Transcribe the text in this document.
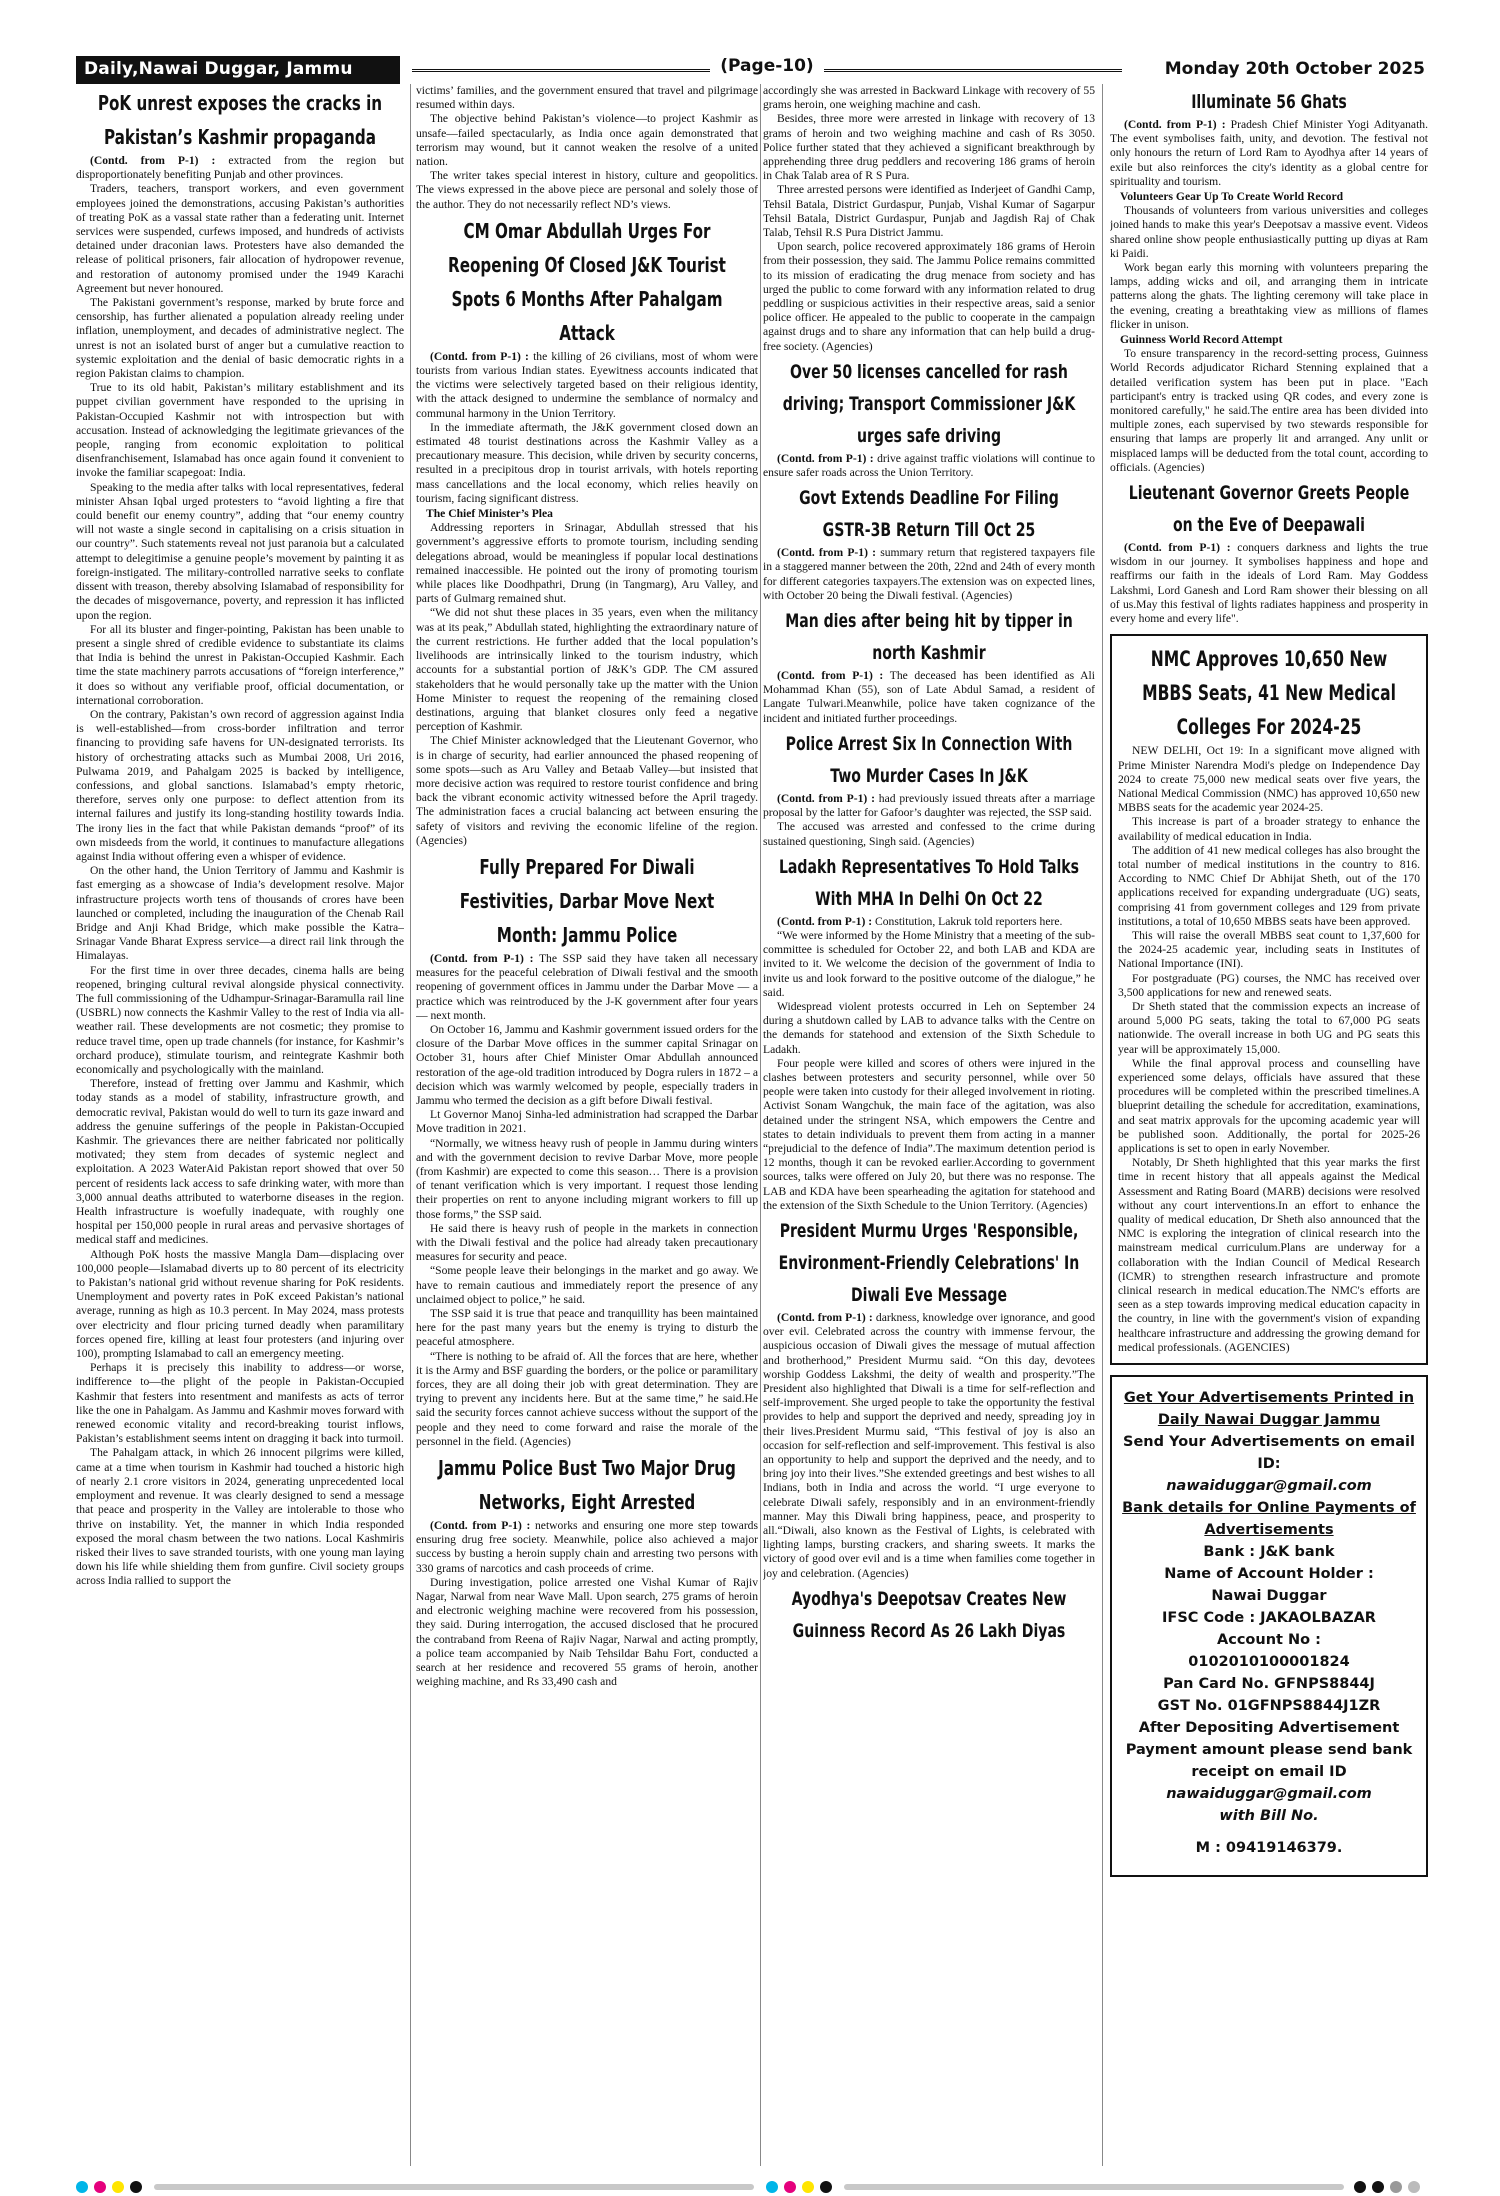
Daily,Nawai Duggar, Jammu	(Page-10)	Monday 20th October 2025
PoK unrest exposes the cracks in Pakistan’s Kashmir propaganda

(Contd. from P-1) : extracted from the region but disproportionately benefiting Punjab and other provinces.

Traders, teachers, transport workers, and even government employees joined the demonstrations, accusing Pakistan’s authorities of treating PoK as a vassal state rather than a federating unit. Internet services were suspended, curfews imposed, and hundreds of activists detained under draconian laws. Protesters have also demanded the release of political prisoners, fair allocation of hydropower revenue, and restoration of autonomy promised under the 1949 Karachi Agreement but never honoured.

The Pakistani government’s response, marked by brute force and censorship, has further alienated a population already reeling under inflation, unemployment, and decades of administrative neglect. The unrest is not an isolated burst of anger but a cumulative reaction to systemic exploitation and the denial of basic democratic rights in a region Pakistan claims to champion.

True to its old habit, Pakistan’s military establishment and its puppet civilian government have responded to the uprising in Pakistan-Occupied Kashmir not with introspection but with accusation. Instead of acknowledging the legitimate grievances of the people, ranging from economic exploitation to political disenfranchisement, Islamabad has once again found it convenient to invoke the familiar scapegoat: India.

Speaking to the media after talks with local representatives, federal minister Ahsan Iqbal urged protesters to “avoid lighting a fire that could benefit our enemy country”, adding that “our enemy country will not waste a single second in capitalising on a crisis situation in our country”. Such statements reveal not just paranoia but a calculated attempt to delegitimise a genuine people’s movement by painting it as foreign-instigated. The military-controlled narrative seeks to conflate dissent with treason, thereby absolving Islamabad of responsibility for the decades of misgovernance, poverty, and repression it has inflicted upon the region.

For all its bluster and finger-pointing, Pakistan has been unable to present a single shred of credible evidence to substantiate its claims that India is behind the unrest in Pakistan-Occupied Kashmir. Each time the state machinery parrots accusations of “foreign interference,” it does so without any verifiable proof, official documentation, or international corroboration.

On the contrary, Pakistan’s own record of aggression against India is well-established—from cross-border infiltration and terror financing to providing safe havens for UN-designated terrorists. Its history of orchestrating attacks such as Mumbai 2008, Uri 2016, Pulwama 2019, and Pahalgam 2025 is backed by intelligence, confessions, and global sanctions. Islamabad’s empty rhetoric, therefore, serves only one purpose: to deflect attention from its internal failures and justify its long-standing hostility towards India. The irony lies in the fact that while Pakistan demands “proof” of its own misdeeds from the world, it continues to manufacture allegations against India without offering even a whisper of evidence.

On the other hand, the Union Territory of Jammu and Kashmir is fast emerging as a showcase of India’s development resolve. Major infrastructure projects worth tens of thousands of crores have been launched or completed, including the inauguration of the Chenab Rail Bridge and Anji Khad Bridge, which make possible the Katra–Srinagar Vande Bharat Express service—a direct rail link through the Himalayas.

For the first time in over three decades, cinema halls are being reopened, bringing cultural revival alongside physical connectivity. The full commissioning of the Udhampur-Srinagar-Baramulla rail line (USBRL) now connects the Kashmir Valley to the rest of India via all-weather rail. These developments are not cosmetic; they promise to reduce travel time, open up trade channels (for instance, for Kashmir’s orchard produce), stimulate tourism, and reintegrate Kashmir both economically and psychologically with the mainland.

Therefore, instead of fretting over Jammu and Kashmir, which today stands as a model of stability, infrastructure growth, and democratic revival, Pakistan would do well to turn its gaze inward and address the genuine sufferings of the people in Pakistan-Occupied Kashmir. The grievances there are neither fabricated nor politically motivated; they stem from decades of systemic neglect and exploitation. A 2023 WaterAid Pakistan report showed that over 50 percent of residents lack access to safe drinking water, with more than 3,000 annual deaths attributed to waterborne diseases in the region. Health infrastructure is woefully inadequate, with roughly one hospital per 150,000 people in rural areas and pervasive shortages of medical staff and medicines.

Although PoK hosts the massive Mangla Dam—displacing over 100,000 people—Islamabad diverts up to 80 percent of its electricity to Pakistan’s national grid without revenue sharing for PoK residents. Unemployment and poverty rates in PoK exceed Pakistan’s national average, running as high as 10.3 percent. In May 2024, mass protests over electricity and flour pricing turned deadly when paramilitary forces opened fire, killing at least four protesters (and injuring over 100), prompting Islamabad to call an emergency meeting.

Perhaps it is precisely this inability to address—or worse, indifference to—the plight of the people in Pakistan-Occupied Kashmir that festers into resentment and manifests as acts of terror like the one in Pahalgam. As Jammu and Kashmir moves forward with renewed economic vitality and record-breaking tourist inflows, Pakistan’s establishment seems intent on dragging it back into turmoil.

The Pahalgam attack, in which 26 innocent pilgrims were killed, came at a time when tourism in Kashmir had touched a historic high of nearly 2.1 crore visitors in 2024, generating unprecedented local employment and revenue. It was clearly designed to send a message that peace and prosperity in the Valley are intolerable to those who thrive on instability. Yet, the manner in which India responded exposed the moral chasm between the two nations. Local Kashmiris risked their lives to save stranded tourists, with one young man laying down his life while shielding them from gunfire. Civil society groups across India rallied to support the

victims’ families, and the government ensured that travel and pilgrimage resumed within days.

The objective behind Pakistan’s violence—to project Kashmir as unsafe—failed spectacularly, as India once again demonstrated that terrorism may wound, but it cannot weaken the resolve of a united nation.

The writer takes special interest in history, culture and geopolitics. The views expressed in the above piece are personal and solely those of the author. They do not necessarily reflect ND’s views.

CM Omar Abdullah Urges For Reopening Of Closed J&K Tourist Spots 6 Months After Pahalgam Attack

(Contd. from P-1) : the killing of 26 civilians, most of whom were tourists from various Indian states. Eyewitness accounts indicated that the victims were selectively targeted based on their religious identity, with the attack designed to undermine the semblance of normalcy and communal harmony in the Union Territory.

In the immediate aftermath, the J&K government closed down an estimated 48 tourist destinations across the Kashmir Valley as a precautionary measure. This decision, while driven by security concerns, resulted in a precipitous drop in tourist arrivals, with hotels reporting mass cancellations and the local economy, which relies heavily on tourism, facing significant distress.

The Chief Minister’s Plea

Addressing reporters in Srinagar, Abdullah stressed that his government’s aggressive efforts to promote tourism, including sending delegations abroad, would be meaningless if popular local destinations remained inaccessible. He pointed out the irony of promoting tourism while places like Doodhpathri, Drung (in Tangmarg), Aru Valley, and parts of Gulmarg remained shut.

“We did not shut these places in 35 years, even when the militancy was at its peak,” Abdullah stated, highlighting the extraordinary nature of the current restrictions. He further added that the local population’s livelihoods are intrinsically linked to the tourism industry, which accounts for a substantial portion of J&K’s GDP. The CM assured stakeholders that he would personally take up the matter with the Union Home Minister to request the reopening of the remaining closed destinations, arguing that blanket closures only feed a negative perception of Kashmir.

The Chief Minister acknowledged that the Lieutenant Governor, who is in charge of security, had earlier announced the phased reopening of some spots—such as Aru Valley and Betaab Valley—but insisted that more decisive action was required to restore tourist confidence and bring back the vibrant economic activity witnessed before the April tragedy. The administration faces a crucial balancing act between ensuring the safety of visitors and reviving the economic lifeline of the region. (Agencies)

Fully Prepared For Diwali Festivities, Darbar Move Next Month: Jammu Police

(Contd. from P-1) : The SSP said they have taken all necessary measures for the peaceful celebration of Diwali festival and the smooth reopening of government offices in Jammu under the Darbar Move — a practice which was reintroduced by the J-K government after four years — next month.

On October 16, Jammu and Kashmir government issued orders for the closure of the Darbar Move offices in the summer capital Srinagar on October 31, hours after Chief Minister Omar Abdullah announced restoration of the age-old tradition introduced by Dogra rulers in 1872 – a decision which was warmly welcomed by people, especially traders in Jammu who termed the decision as a gift before Diwali festival.

Lt Governor Manoj Sinha-led administration had scrapped the Darbar Move tradition in 2021.

“Normally, we witness heavy rush of people in Jammu during winters and with the government decision to revive Darbar Move, more people (from Kashmir) are expected to come this season… There is a provision of tenant verification which is very important. I request those lending their properties on rent to anyone including migrant workers to fill up those forms,” the SSP said.

He said there is heavy rush of people in the markets in connection with the Diwali festival and the police had already taken precautionary measures for security and peace.

“Some people leave their belongings in the market and go away. We have to remain cautious and immediately report the presence of any unclaimed object to police,” he said.

The SSP said it is true that peace and tranquillity has been maintained here for the past many years but the enemy is trying to disturb the peaceful atmosphere.

“There is nothing to be afraid of. All the forces that are here, whether it is the Army and BSF guarding the borders, or the police or paramilitary forces, they are all doing their job with great determination. They are trying to prevent any incidents here. But at the same time,” he said.He said the security forces cannot achieve success without the support of the people and they need to come forward and raise the morale of the personnel in the field. (Agencies)

Jammu Police Bust Two Major Drug Networks, Eight Arrested

(Contd. from P-1) : networks and ensuring one more step towards ensuring drug free society. Meanwhile, police also achieved a major success by busting a heroin supply chain and arresting two persons with 330 grams of narcotics and cash proceeds of crime.

During investigation, police arrested one Vishal Kumar of Rajiv Nagar, Narwal from near Wave Mall. Upon search, 275 grams of heroin and electronic weighing machine were recovered from his possession, they said. During interrogation, the accused disclosed that he procured the contraband from Reena of Rajiv Nagar, Narwal and acting promptly, a police team accompanied by Naib Tehsildar Bahu Fort, conducted a search at her residence and recovered 55 grams of heroin, another weighing machine, and Rs 33,490 cash and

accordingly she was arrested in Backward Linkage with recovery of 55 grams heroin, one weighing machine and cash.

Besides, three more were arrested in linkage with recovery of 13 grams of heroin and two weighing machine and cash of Rs 3050. Police further stated that they achieved a significant breakthrough by apprehending three drug peddlers and recovering 186 grams of heroin in Chak Talab area of R S Pura.

Three arrested persons were identified as Inderjeet of Gandhi Camp, Tehsil Batala, District Gurdaspur, Punjab, Vishal Kumar of Sagarpur Tehsil Batala, District Gurdaspur, Punjab and Jagdish Raj of Chak Talab, Tehsil R.S Pura District Jammu.

Upon search, police recovered approximately 186 grams of Heroin from their possession, they said. The Jammu Police remains committed to its mission of eradicating the drug menace from society and has urged the public to come forward with any information related to drug peddling or suspicious activities in their respective areas, said a senior police officer. He appealed to the public to cooperate in the campaign against drugs and to share any information that can help build a drug-free society. (Agencies)

Over 50 licenses cancelled for rash driving; Transport Commissioner J&K urges safe driving

(Contd. from P-1) : drive against traffic violations will continue to ensure safer roads across the Union Territory.

Govt Extends Deadline For Filing GSTR-3B Return Till Oct 25

(Contd. from P-1) : summary return that registered taxpayers file in a staggered manner between the 20th, 22nd and 24th of every month for different categories taxpayers.The extension was on expected lines, with October 20 being the Diwali festival. (Agencies)

Man dies after being hit by tipper in north Kashmir

(Contd. from P-1) : The deceased has been identified as Ali Mohammad Khan (55), son of Late Abdul Samad, a resident of Langate Tulwari.Meanwhile, police have taken cognizance of the incident and initiated further proceedings.

Police Arrest Six In Connection With Two Murder Cases In J&K

(Contd. from P-1) : had previously issued threats after a marriage proposal by the latter for Gafoor’s daughter was rejected, the SSP said.

The accused was arrested and confessed to the crime during sustained questioning, Singh said. (Agencies)

Ladakh Representatives To Hold Talks With MHA In Delhi On Oct 22

(Contd. from P-1) : Constitution, Lakruk told reporters here.

“We were informed by the Home Ministry that a meeting of the sub-committee is scheduled for October 22, and both LAB and KDA are invited to it. We welcome the decision of the government of India to invite us and look forward to the positive outcome of the dialogue,” he said.

Widespread violent protests occurred in Leh on September 24 during a shutdown called by LAB to advance talks with the Centre on the demands for statehood and extension of the Sixth Schedule to Ladakh.

Four people were killed and scores of others were injured in the clashes between protesters and security personnel, while over 50 people were taken into custody for their alleged involvement in rioting. Activist Sonam Wangchuk, the main face of the agitation, was also detained under the stringent NSA, which empowers the Centre and states to detain individuals to prevent them from acting in a manner “prejudicial to the defence of India”.The maximum detention period is 12 months, though it can be revoked earlier.According to government sources, talks were offered on July 20, but there was no response. The LAB and KDA have been spearheading the agitation for statehood and the extension of the Sixth Schedule to the Union Territory. (Agencies)

President Murmu Urges 'Responsible, Environment-Friendly Celebrations' In Diwali Eve Message

(Contd. from P-1) : darkness, knowledge over ignorance, and good over evil. Celebrated across the country with immense fervour, the auspicious occasion of Diwali gives the message of mutual affection and brotherhood,” President Murmu said. “On this day, devotees worship Goddess Lakshmi, the deity of wealth and prosperity.”The President also highlighted that Diwali is a time for self-reflection and self-improvement. She urged people to take the opportunity the festival provides to help and support the deprived and needy, spreading joy in their lives.President Murmu said, “This festival of joy is also an occasion for self-reflection and self-improvement. This festival is also an opportunity to help and support the deprived and the needy, and to bring joy into their lives.”She extended greetings and best wishes to all Indians, both in India and across the world. “I urge everyone to celebrate Diwali safely, responsibly and in an environment-friendly manner. May this Diwali bring happiness, peace, and prosperity to all.“Diwali, also known as the Festival of Lights, is celebrated with lighting lamps, bursting crackers, and sharing sweets. It marks the victory of good over evil and is a time when families come together in joy and celebration. (Agencies)

Ayodhya's Deepotsav Creates New Guinness Record As 26 Lakh Diyas
Illuminate 56 Ghats

(Contd. from P-1) : Pradesh Chief Minister Yogi Adityanath. The event symbolises faith, unity, and devotion. The festival not only honours the return of Lord Ram to Ayodhya after 14 years of exile but also reinforces the city's identity as a global centre for spirituality and tourism.

Volunteers Gear Up To Create World Record

Thousands of volunteers from various universities and colleges joined hands to make this year's Deepotsav a massive event. Videos shared online show people enthusiastically putting up diyas at Ram ki Paidi.

Work began early this morning with volunteers preparing the lamps, adding wicks and oil, and arranging them in intricate patterns along the ghats. The lighting ceremony will take place in the evening, creating a breathtaking view as millions of flames flicker in unison.

Guinness World Record Attempt

To ensure transparency in the record-setting process, Guinness World Records adjudicator Richard Stenning explained that a detailed verification system has been put in place. "Each participant's entry is tracked using QR codes, and every zone is monitored carefully," he said.The entire area has been divided into multiple zones, each supervised by two stewards responsible for ensuring that lamps are properly lit and arranged. Any unlit or misplaced lamps will be deducted from the total count, according to officials. (Agencies)

Lieutenant Governor Greets People on the Eve of Deepawali

(Contd. from P-1) : conquers darkness and lights the true wisdom in our journey. It symbolises happiness and hope and reaffirms our faith in the ideals of Lord Ram. May Goddess Lakshmi, Lord Ganesh and Lord Ram shower their blessing on all of us.May this festival of lights radiates happiness and prosperity in every home and every life".

NMC Approves 10,650 New MBBS Seats, 41 New Medical Colleges For 2024-25

NEW DELHI, Oct 19: In a significant move aligned with Prime Minister Narendra Modi's pledge on Independence Day 2024 to create 75,000 new medical seats over five years, the National Medical Commission (NMC) has approved 10,650 new MBBS seats for the academic year 2024-25.

This increase is part of a broader strategy to enhance the availability of medical education in India.

The addition of 41 new medical colleges has also brought the total number of medical institutions in the country to 816. According to NMC Chief Dr Abhijat Sheth, out of the 170 applications received for expanding undergraduate (UG) seats, comprising 41 from government colleges and 129 from private institutions, a total of 10,650 MBBS seats have been approved.

This will raise the overall MBBS seat count to 1,37,600 for the 2024-25 academic year, including seats in Institutes of National Importance (INI).

For postgraduate (PG) courses, the NMC has received over 3,500 applications for new and renewed seats.

Dr Sheth stated that the commission expects an increase of around 5,000 PG seats, taking the total to 67,000 PG seats nationwide. The overall increase in both UG and PG seats this year will be approximately 15,000.

While the final approval process and counselling have experienced some delays, officials have assured that these procedures will be completed within the prescribed timelines.A blueprint detailing the schedule for accreditation, examinations, and seat matrix approvals for the upcoming academic year will be published soon. Additionally, the portal for 2025-26 applications is set to open in early November.

Notably, Dr Sheth highlighted that this year marks the first time in recent history that all appeals against the Medical Assessment and Rating Board (MARB) decisions were resolved without any court interventions.In an effort to enhance the quality of medical education, Dr Sheth also announced that the NMC is exploring the integration of clinical research into the mainstream medical curriculum.Plans are underway for a collaboration with the Indian Council of Medical Research (ICMR) to strengthen research infrastructure and promote clinical research in medical education.The NMC's efforts are seen as a step towards improving medical education capacity in the country, in line with the government's vision of expanding healthcare infrastructure and addressing the growing demand for medical professionals. (AGENCIES)

Get Your Advertisements Printed in
Daily Nawai Duggar Jammu
Send Your Advertisements on email ID:
nawaiduggar@gmail.com
Bank details for Online Payments of Advertisements
Bank : J&K bank
Name of Account Holder :
Nawai Duggar
IFSC Code : JAKAOLBAZAR
Account No :
0102010100001824
Pan Card No. GFNPS8844J
GST No. 01GFNPS8844J1ZR
After Depositing Advertisement Payment amount please send bank receipt on email ID
nawaiduggar@gmail.com
with Bill No.
M : 09419146379.
